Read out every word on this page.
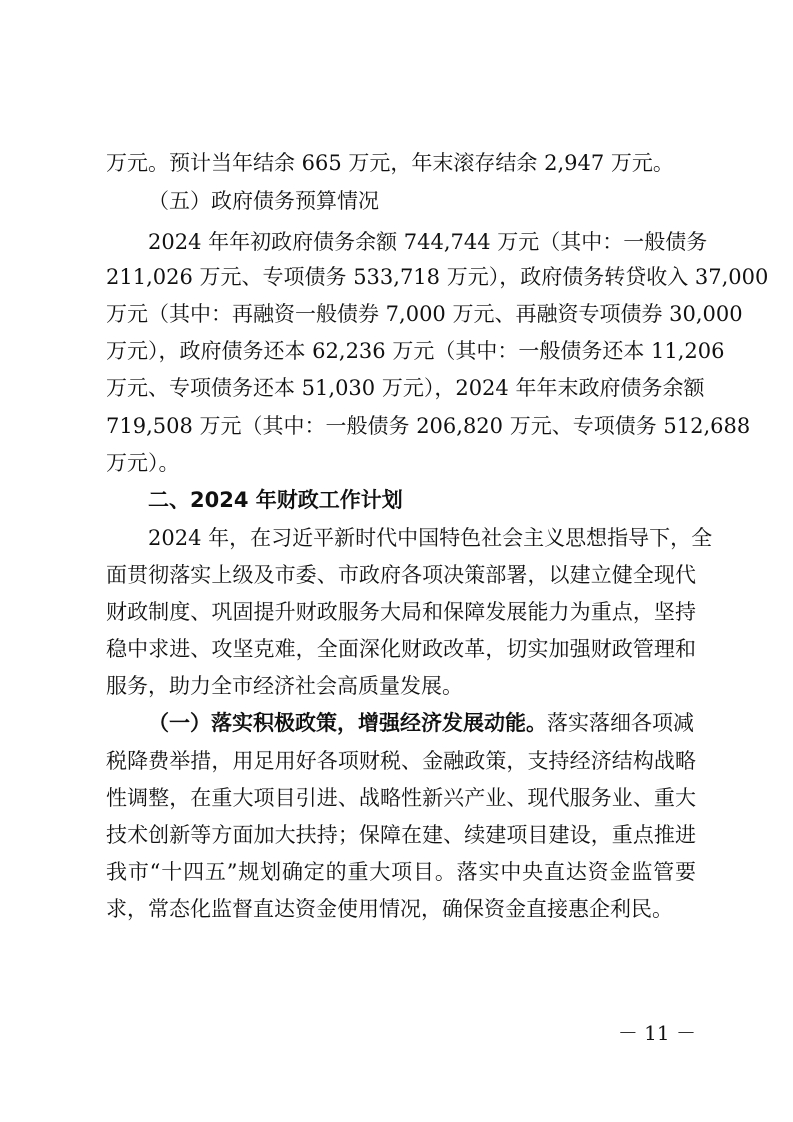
万元。预计当年结余 665 万元，年末滚存结余 2,947 万元。
（五）政府债务预算情况
2024 年年初政府债务余额 744,744 万元（其中：一般债务
211,026 万元、专项债务 533,718 万元），政府债务转贷收入 37,000
万元（其中：再融资一般债券 7,000 万元、再融资专项债券 30,000
万元），政府债务还本 62,236 万元（其中：一般债务还本 11,206
万元、专项债务还本 51,030 万元），2024 年年末政府债务余额
719,508 万元（其中：一般债务 206,820 万元、专项债务 512,688
万元）。
二、2024 年财政工作计划
2024 年，在习近平新时代中国特色社会主义思想指导下，全
面贯彻落实上级及市委、市政府各项决策部署，以建立健全现代
财政制度、巩固提升财政服务大局和保障发展能力为重点，坚持
稳中求进、攻坚克难，全面深化财政改革，切实加强财政管理和
服务，助力全市经济社会高质量发展。
（一）落实积极政策，增强经济发展动能。落实落细各项减
税降费举措，用足用好各项财税、金融政策，支持经济结构战略
性调整，在重大项目引进、战略性新兴产业、现代服务业、重大
技术创新等方面加大扶持；保障在建、续建项目建设，重点推进
我市“十四五”规划确定的重大项目。落实中央直达资金监管要
求，常态化监督直达资金使用情况，确保资金直接惠企利民。
－ 11 －
